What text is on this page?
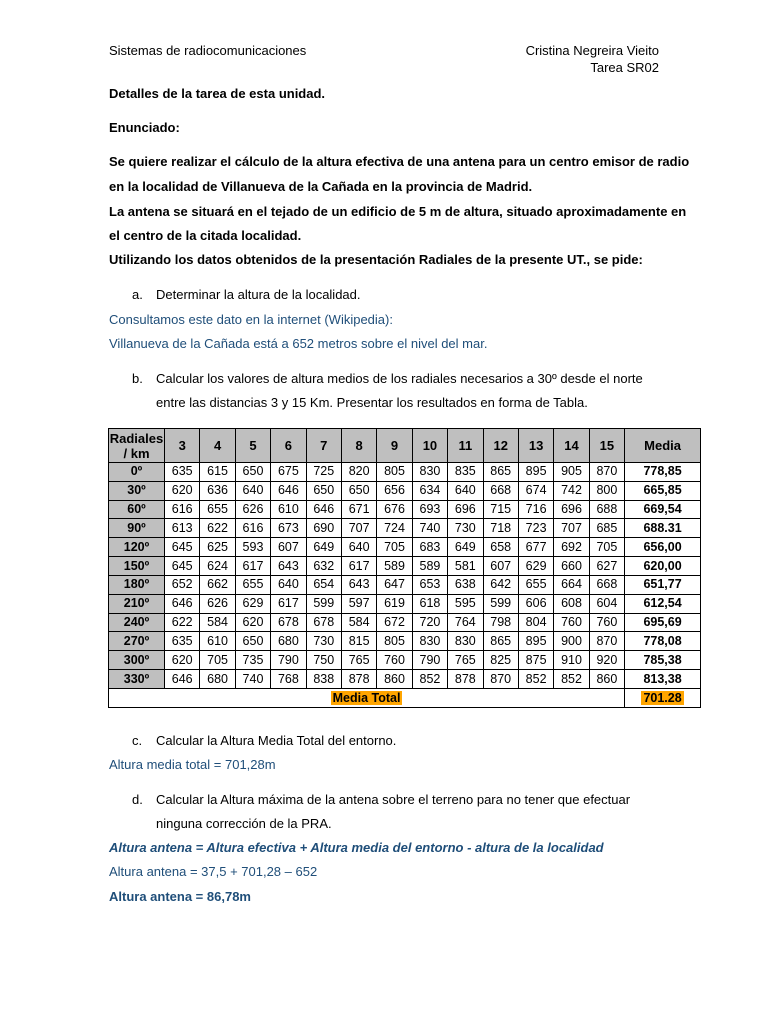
Sistemas de radiocomunicaciones	Cristina Negreira Vieito
Tarea SR02
Detalles de la tarea de esta unidad.
Enunciado:
Se quiere realizar el cálculo de la altura efectiva de una antena para un centro emisor de radio
en la localidad de Villanueva de la Cañada en la provincia de Madrid.
La antena se situará en el tejado de un edificio de 5 m de altura, situado aproximadamente en
el centro de la citada localidad.
Utilizando los datos obtenidos de la presentación Radiales de la presente UT., se pide:
a. Determinar la altura de la localidad.
Consultamos este dato en la internet (Wikipedia):
Villanueva de la Cañada está a 652 metros sobre el nivel del mar.
b. Calcular los valores de altura medios de los radiales necesarios a 30º desde el norte
entre las distancias 3 y 15 Km. Presentar los resultados en forma de Tabla.
Radiales / km	3	4	5	6	7	8	9	10	11	12	13	14	15	Media
0º	635	615	650	675	725	820	805	830	835	865	895	905	870	778,85
30º	620	636	640	646	650	650	656	634	640	668	674	742	800	665,85
60º	616	655	626	610	646	671	676	693	696	715	716	696	688	669,54
90º	613	622	616	673	690	707	724	740	730	718	723	707	685	688.31
120º	645	625	593	607	649	640	705	683	649	658	677	692	705	656,00
150º	645	624	617	643	632	617	589	589	581	607	629	660	627	620,00
180º	652	662	655	640	654	643	647	653	638	642	655	664	668	651,77
210º	646	626	629	617	599	597	619	618	595	599	606	608	604	612,54
240º	622	584	620	678	678	584	672	720	764	798	804	760	760	695,69
270º	635	610	650	680	730	815	805	830	830	865	895	900	870	778,08
300º	620	705	735	790	750	765	760	790	765	825	875	910	920	785,38
330º	646	680	740	768	838	878	860	852	878	870	852	852	860	813,38
Media Total														701.28
c. Calcular la Altura Media Total del entorno.
Altura media total = 701,28m
d. Calcular la Altura máxima de la antena sobre el terreno para no tener que efectuar
ninguna corrección de la PRA.
Altura antena = Altura efectiva + Altura media del entorno - altura de la localidad
Altura antena = 37,5 + 701,28 – 652
Altura antena = 86,78m
